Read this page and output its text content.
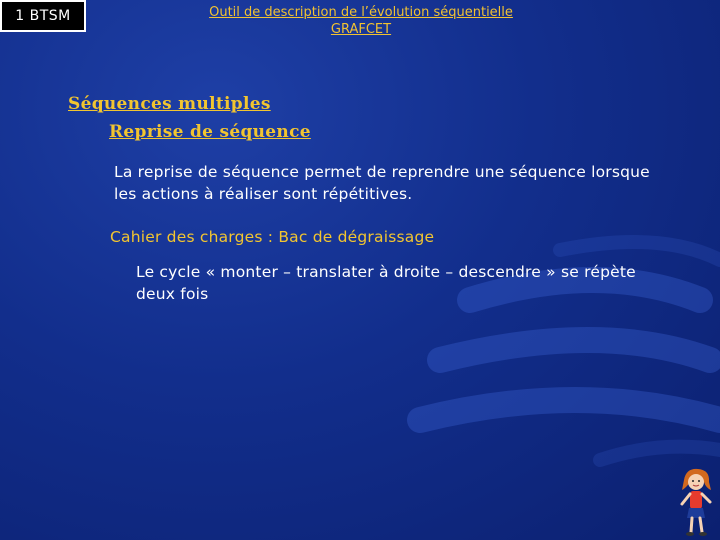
1 BTSM	Outil de description de l’évolution séquentielle
GRAFCET
Séquences multiples
Reprise de séquence
La reprise de séquence permet de reprendre une séquence lorsque les actions à réaliser sont répétitives.
Cahier des charges : Bac de dégraissage
Le cycle « monter – translater à droite – descendre » se répète deux fois
